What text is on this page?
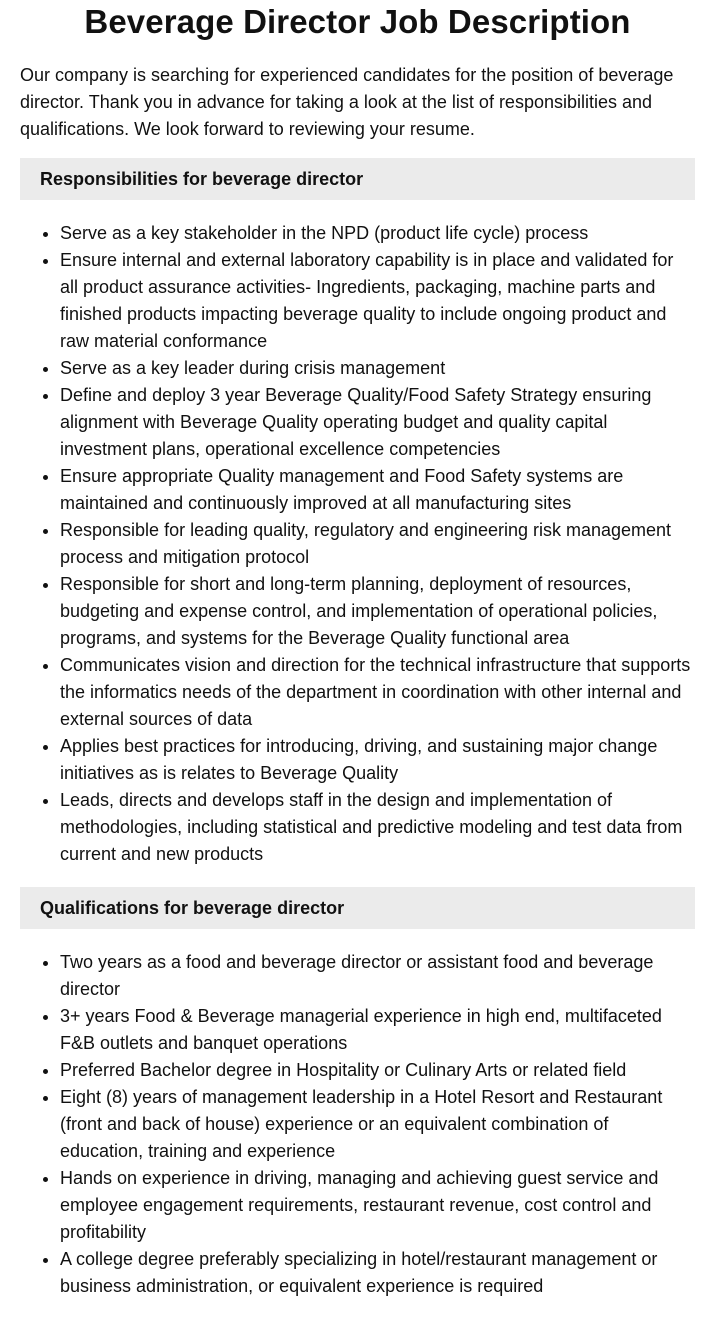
Beverage Director Job Description

Our company is searching for experienced candidates for the position of beverage director. Thank you in advance for taking a look at the list of responsibilities and qualifications. We look forward to reviewing your resume.

Responsibilities for beverage director
• Serve as a key stakeholder in the NPD (product life cycle) process
• Ensure internal and external laboratory capability is in place and validated for all product assurance activities- Ingredients, packaging, machine parts and finished products impacting beverage quality to include ongoing product and raw material conformance
• Serve as a key leader during crisis management
• Define and deploy 3 year Beverage Quality/Food Safety Strategy ensuring alignment with Beverage Quality operating budget and quality capital investment plans, operational excellence competencies
• Ensure appropriate Quality management and Food Safety systems are maintained and continuously improved at all manufacturing sites
• Responsible for leading quality, regulatory and engineering risk management process and mitigation protocol
• Responsible for short and long-term planning, deployment of resources, budgeting and expense control, and implementation of operational policies, programs, and systems for the Beverage Quality functional area
• Communicates vision and direction for the technical infrastructure that supports the informatics needs of the department in coordination with other internal and external sources of data
• Applies best practices for introducing, driving, and sustaining major change initiatives as is relates to Beverage Quality
• Leads, directs and develops staff in the design and implementation of methodologies, including statistical and predictive modeling and test data from current and new products
Qualifications for beverage director
• Two years as a food and beverage director or assistant food and beverage director
• 3+ years Food & Beverage managerial experience in high end, multifaceted F&B outlets and banquet operations
• Preferred Bachelor degree in Hospitality or Culinary Arts or related field
• Eight (8) years of management leadership in a Hotel Resort and Restaurant (front and back of house) experience or an equivalent combination of education, training and experience
• Hands on experience in driving, managing and achieving guest service and employee engagement requirements, restaurant revenue, cost control and profitability
• A college degree preferably specializing in hotel/restaurant management or business administration, or equivalent experience is required
